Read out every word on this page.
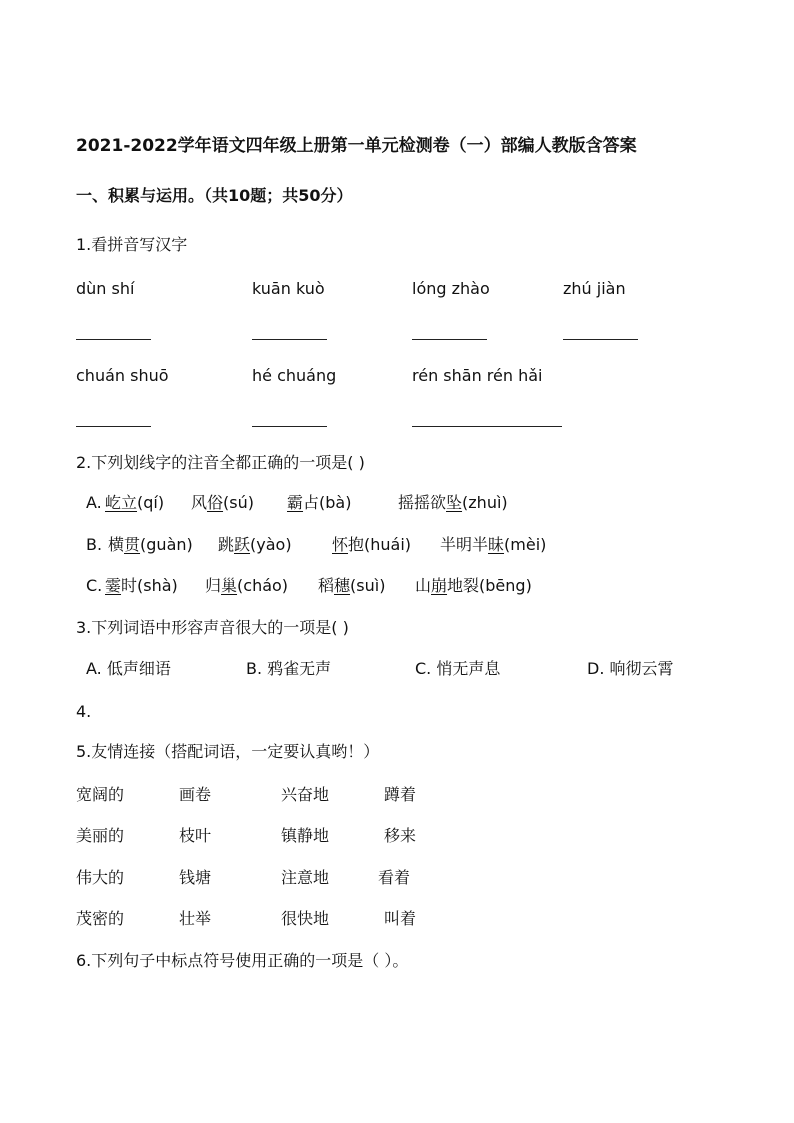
2021-2022学年语文四年级上册第一单元检测卷（一）部编人教版含答案
一、积累与运用。（共10题；共50分）
1.看拼音写汉字
dùn shí	kuān kuò	lóng zhào	zhú jiàn
chuán shuō	hé chuáng	rén shān rén hǎi
2.下列划线字的注音全都正确的一项是( )
A. 屹立(qí) 风俗(sú) 霸占(bà)	摇摇欲坠(zhuì)
B. 横贯(guàn) 跳跃(yào)	怀抱(huái) 半明半昧(mèi)
C. 霎时(shà) 归巢(cháo) 稻穗(suì) 山崩地裂(bēng)
3.下列词语中形容声音很大的一项是( )
A. 低声细语	B. 鸦雀无声	C. 悄无声息	D. 响彻云霄
4.
5.友情连接（搭配词语，一定要认真哟！）
宽阔的	画卷	兴奋地	蹲着
美丽的	枝叶	镇静地	移来
伟大的	钱塘	注意地	看着
茂密的	壮举	很快地	叫着
6.下列句子中标点符号使用正确的一项是（ ）。
